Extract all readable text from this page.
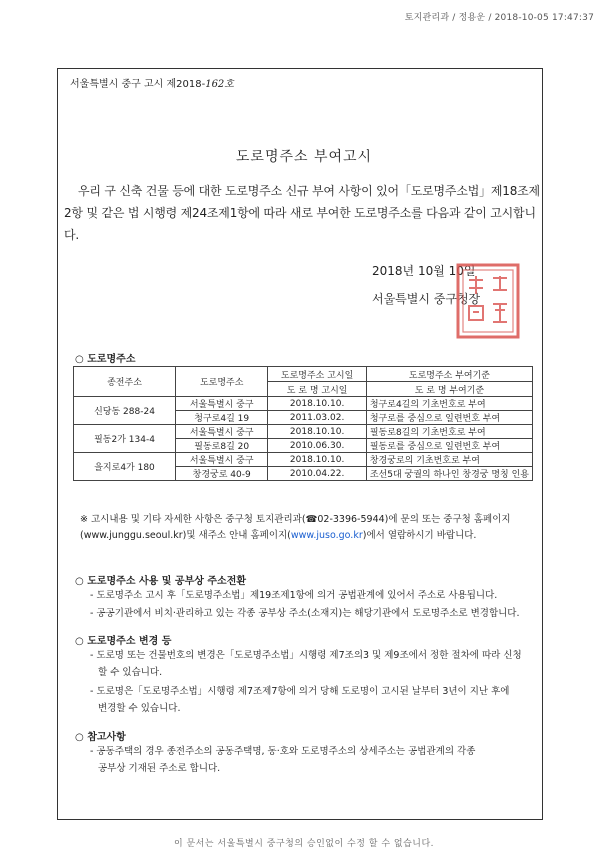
토지관리과 / 정용운 / 2018-10-05 17:47:37
서울특별시 중구 고시 제2018-162호
도로명주소 부여고시
우리 구 신축 건물 등에 대한 도로명주소 신규 부여 사항이 있어「도로명주소법」제18조제2항 및 같은 법 시행령 제24조제1항에 따라 새로 부여한 도로명주소를 다음과 같이 고시합니다.
2018년 10월 10일
서울특별시 중구청장
○ 도로명주소
종전주소	도로명주소	도로명주소 고시일	도로명주소 부여기준
		도 로 명 고시일	도 로 명 부여기준
신당동 288-24	서울특별시 중구	2018.10.10.	청구로4길의 기초번호로 부여
	청구로4길 19	2011.03.02.	청구로를 중심으로 일련번호 부여
필동2가 134-4	서울특별시 중구	2018.10.10.	필동로8길의 기초번호로 부여
	필동로8길 20	2010.06.30.	필동로를 중심으로 일련번호 부여
을지로4가 180	서울특별시 중구	2018.10.10.	창경궁로의 기초번호로 부여
	창경궁로 40-9	2010.04.22.	조선5대 궁궐의 하나인 창경궁 명칭 인용
※ 고시내용 및 기타 자세한 사항은 중구청 토지관리과(☎02-3396-5944)에 문의 또는 중구청 홈페이지
(www.junggu.seoul.kr)및 새주소 안내 홈페이지(www.juso.go.kr)에서 열람하시기 바랍니다.
○ 도로명주소 사용 및 공부상 주소전환
- 도로명주소 고시 후「도로명주소법」제19조제1항에 의거 공법관계에 있어서 주소로 사용됩니다.
- 공공기관에서 비치·관리하고 있는 각종 공부상 주소(소재지)는 해당기관에서 도로명주소로 변경합니다.
○ 도로명주소 변경 등
- 도로명 또는 건물번호의 변경은「도로명주소법」시행령 제7조의3 및 제9조에서 정한 절차에 따라 신청
할 수 있습니다.
- 도로명은「도로명주소법」시행령 제7조제7항에 의거 당해 도로명이 고시된 날부터 3년이 지난 후에
변경할 수 있습니다.
○ 참고사항
- 공동주택의 경우 종전주소의 공동주택명, 동·호와 도로명주소의 상세주소는 공법관계의 각종
공부상 기재된 주소로 합니다.
이 문서는 서울특별시 중구청의 승인없이 수정 할 수 없습니다.
